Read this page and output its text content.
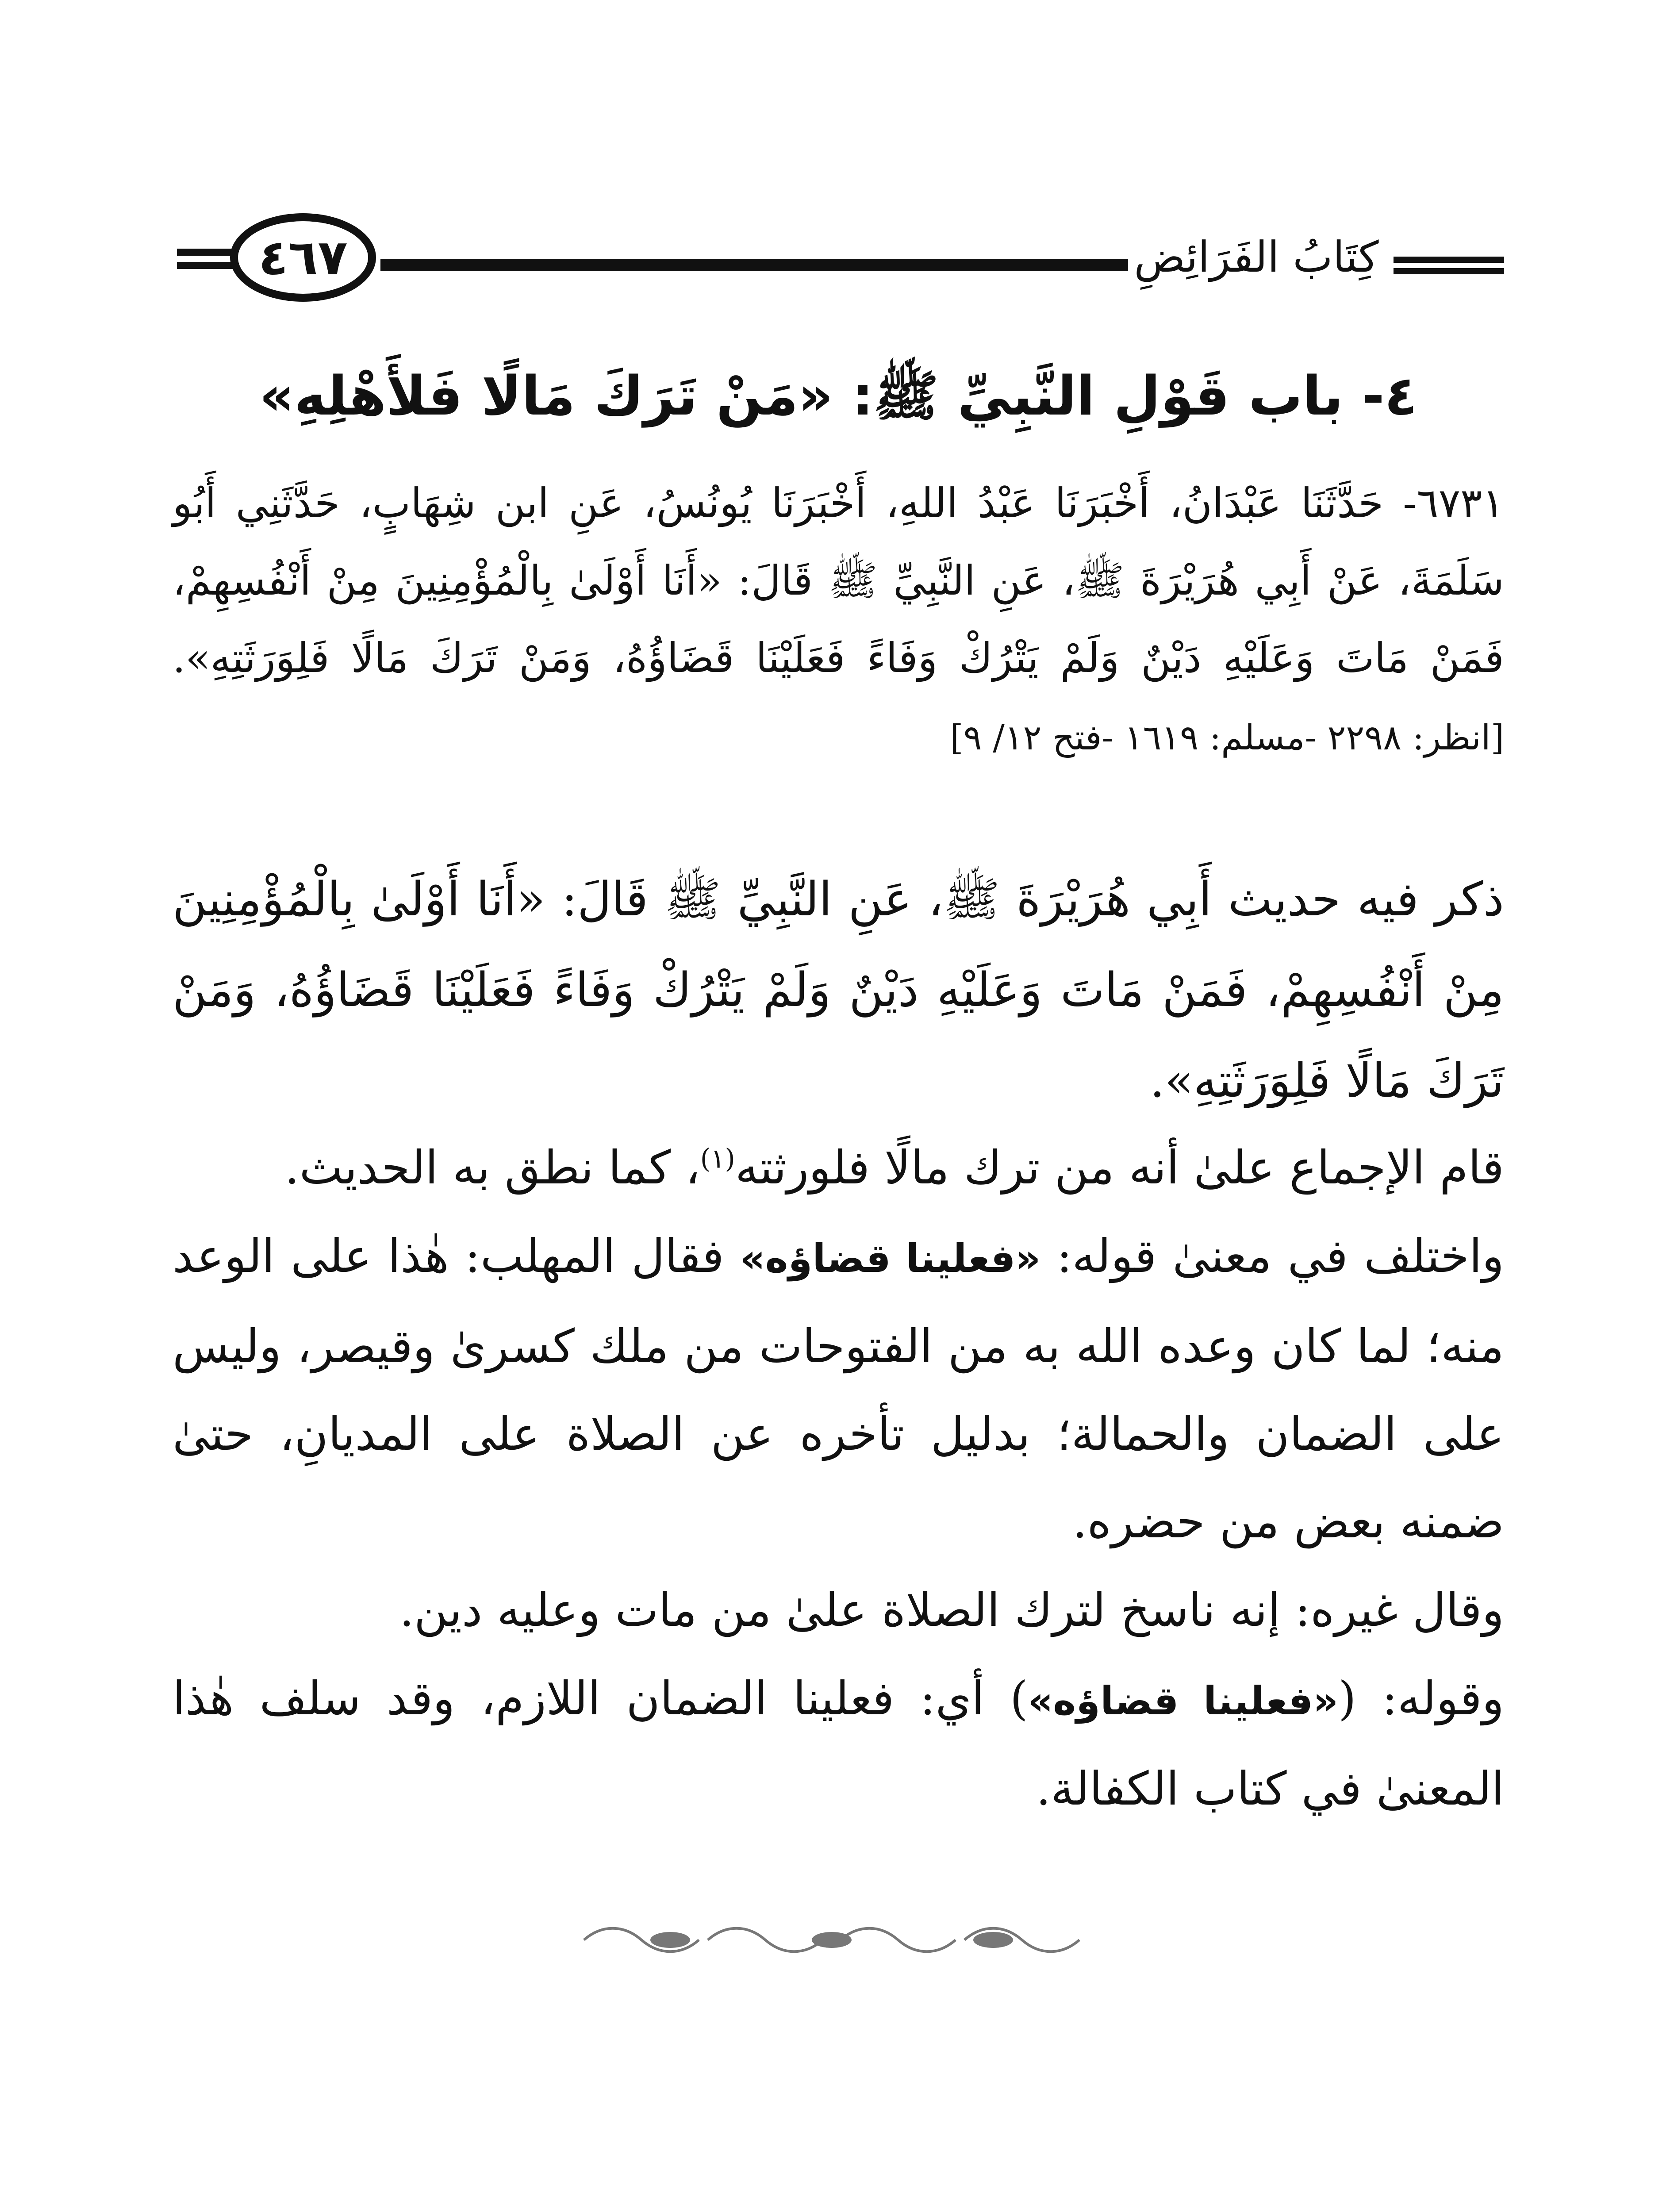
٤٦٧	كِتَابُ الفَرَائِضِ
٤- باب قَوْلِ النَّبِيِّ ﷺ: «مَنْ تَرَكَ مَالًا فَلأَهْلِهِ»
٦٧٣١- حَدَّثَنَا عَبْدَانُ، أَخْبَرَنَا عَبْدُ اللهِ، أَخْبَرَنَا يُونُسُ، عَنِ ابن شِهَابٍ، حَدَّثَنِي أَبُو سَلَمَةَ، عَنْ أَبِي هُرَيْرَةَ ﷺ، عَنِ النَّبِيِّ ﷺ قَالَ: «أَنَا أَوْلَىٰ بِالْمُؤْمِنِينَ مِنْ أَنْفُسِهِمْ، فَمَنْ مَاتَ وَعَلَيْهِ دَيْنٌ وَلَمْ يَتْرُكْ وَفَاءً فَعَلَيْنَا قَضَاؤُهُ، وَمَنْ تَرَكَ مَالًا فَلِوَرَثَتِهِ». [انظر: ٢٢٩٨ -مسلم: ١٦١٩ -فتح ١٢/ ٩]
ذكر فيه حديث أَبِي هُرَيْرَةَ ﷺ، عَنِ النَّبِيِّ ﷺ قَالَ: «أَنَا أَوْلَىٰ بِالْمُؤْمِنِينَ مِنْ أَنْفُسِهِمْ، فَمَنْ مَاتَ وَعَلَيْهِ دَيْنٌ وَلَمْ يَتْرُكْ وَفَاءً فَعَلَيْنَا قَضَاؤُهُ، وَمَنْ تَرَكَ مَالًا فَلِوَرَثَتِهِ».
قام الإجماع علىٰ أنه من ترك مالًا فلورثته$^{(١)}$، كما نطق به الحديث.
واختلف في معنىٰ قوله: «فعلينا قضاؤه» فقال المهلب: هٰذا على الوعد منه؛ لما كان وعده الله به من الفتوحات من ملك كسرىٰ وقيصر، وليس على الضمان والحمالة؛ بدليل تأخره عن الصلاة على المديانِ، حتىٰ ضمنه بعض من حضره.
وقال غيره: إنه ناسخ لترك الصلاة علىٰ من مات وعليه دين.
وقوله: («فعلينا قضاؤه») أي: فعلينا الضمان اللازم، وقد سلف هٰذا المعنىٰ في كتاب الكفالة.
